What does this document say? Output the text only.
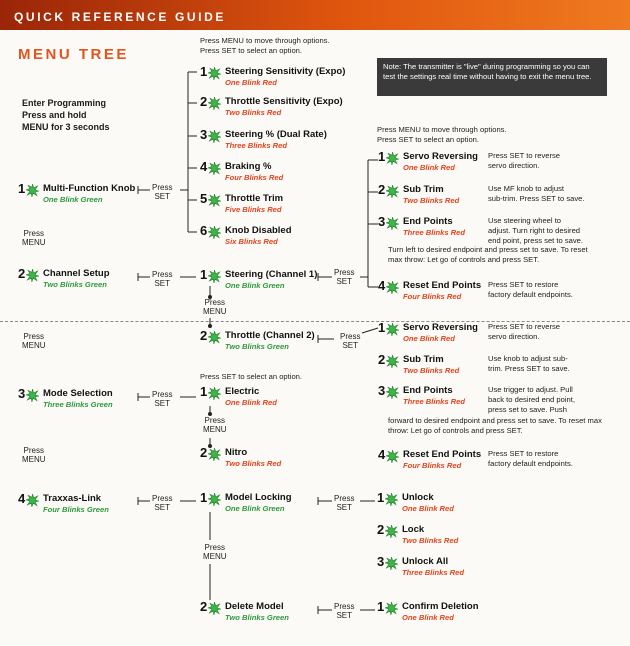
QUICK REFERENCE GUIDE
MENU TREE
Note: The transmitter is "live" during programming so you can test the settings real time without having to exit the menu tree.
Enter Programming
Press and hold
MENU for 3 seconds
Press MENU to move through options.
Press SET to select an option.
Press MENU to move through options.
Press SET to select an option.
Press SET to select an option.
1 Multi-Function Knob
One Blink Green
2 Channel Setup
Two Blinks Green
3 Mode Selection
Three Blinks Green
4 Traxxas-Link
Four Blinks Green
1 Steering Sensitivity (Expo)
One Blink Red
2 Throttle Sensitivity (Expo)
Two Blinks Red
3 Steering % (Dual Rate)
Three Blinks Red
4 Braking %
Four Blinks Red
5 Throttle Trim
Five Blinks Red
6 Knob Disabled
Six Blinks Red
1 Steering (Channel 1)
One Blink Green
2 Throttle (Channel 2)
Two Blinks Green
1 Electric
One Blink Red
2 Nitro
Two Blinks Red
1 Model Locking
One Blink Green
2 Delete Model
Two Blinks Green
1 Servo Reversing
One Blink Red
Press SET to reverse
servo direction.
2 Sub Trim
Two Blinks Red
Use MF knob to adjust
sub-trim. Press SET to save.
3 End Points
Three Blinks Red
Use steering wheel to
adjust. Turn right to desired
end point, press set to save.
4 Reset End Points
Four Blinks Red
Press SET to restore
factory default endpoints.
Turn left to desired endpoint and press set to save. To reset max throw: Let go of controls and press SET.
1 Servo Reversing
One Blink Red
Press SET to reverse
servo direction.
2 Sub Trim
Two Blinks Red
Use knob to adjust sub-
trim. Press SET to save.
3 End Points
Three Blinks Red
Use trigger to adjust. Pull
back to desired end point,
press set to save. Push
4 Reset End Points
Four Blinks Red
Press SET to restore
factory default endpoints.
forward to desired endpoint and press set to save. To reset max throw: Let go of controls and press SET.
1 Unlock
One Blink Red
2 Lock
Two Blinks Red
3 Unlock All
Three Blinks Red
1 Confirm Deletion
One Blink Red
Press
SET
Press
SET
Press
SET
Press
SET
Press
SET
Press
SET
Press
SET
Press
SET
Press
MENU
Press
MENU
Press
MENU
Press
MENU
Press
MENU
Press
MENU
